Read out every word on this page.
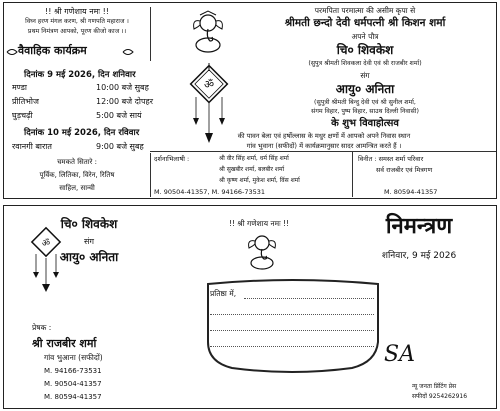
!! श्री गणेशाय नमः !!
विघ्न हरण मंगल करण, श्री गणपति महाराज ।
प्रथम निमंत्रण आपको, पूरण कीजो काज ।।
वैवाहिक कार्यक्रम
दिनांक 9 मई 2026, दिन शनिवार
मण्डा	10:00 बजे सुबह
प्रीतिभोज	12:00 बजे दोपहर
घुड़चढ़ी	5:00 बजे सायं
दिनांक 10 मई 2026, दिन रविवार
रवानगी बारात	9:00 बजे सुबह
चमकते सितारे :
पूर्विक, लितिका, विरेन, रितिष
साहिल, सान्वी
ॐ
परमपिता परमात्मा की असीम कृपा से
श्रीमती छन्दो देवी धर्मपत्नी श्री किशन शर्मा
अपने पौत्र
चि० शिवकेश
(सुपुत्र श्रीमती शिवकला देवी एवं श्री राजबीर शर्मा)
संग
आयु० अनिता
(सुपुत्री श्रीमती बिन्दु देवी एवं श्री सुनील शर्मा,
संगम विहार, पुष्प विहार, साउथ दिल्ली निवासी)
के शुभ विवाहोत्सव
की पावन बेला एवं हर्षोल्लास के मधुर क्षणों में आपको अपने निवास स्थान
गांव भुवाना (सफीदों) में कार्यक्रमानुसार सादर आमन्त्रित करते हैं ।
दर्शनाभिलाषी :	श्री वीर सिंह शर्मा, धर्म सिंह शर्मा
श्री सुखबीर शर्मा, बलबीर शर्मा
श्री कृष्ण शर्मा, मुकेश शर्मा, विंस शर्मा
विनीत : समस्त शर्मा परिवार
सर्व राजबीर एवं मित्रगण
M. 90504-41357, M. 94166-73531	M. 80594-41357
चि० शिवकेश
संग
आयु० अनिता
ॐ
!! श्री गणेशाय नमः !!	निमन्त्रण
शनिवार, 9 मई 2026
प्रतिष्ठा में,
प्रेषक :
श्री राजबीर शर्मा
गांव भुआना (सफीदों)
M. 94166-73531
M. 90504-41357
M. 80594-41357
SA
न्यू जनता प्रिंटिंग प्रेस
सफीदों 9254262916
